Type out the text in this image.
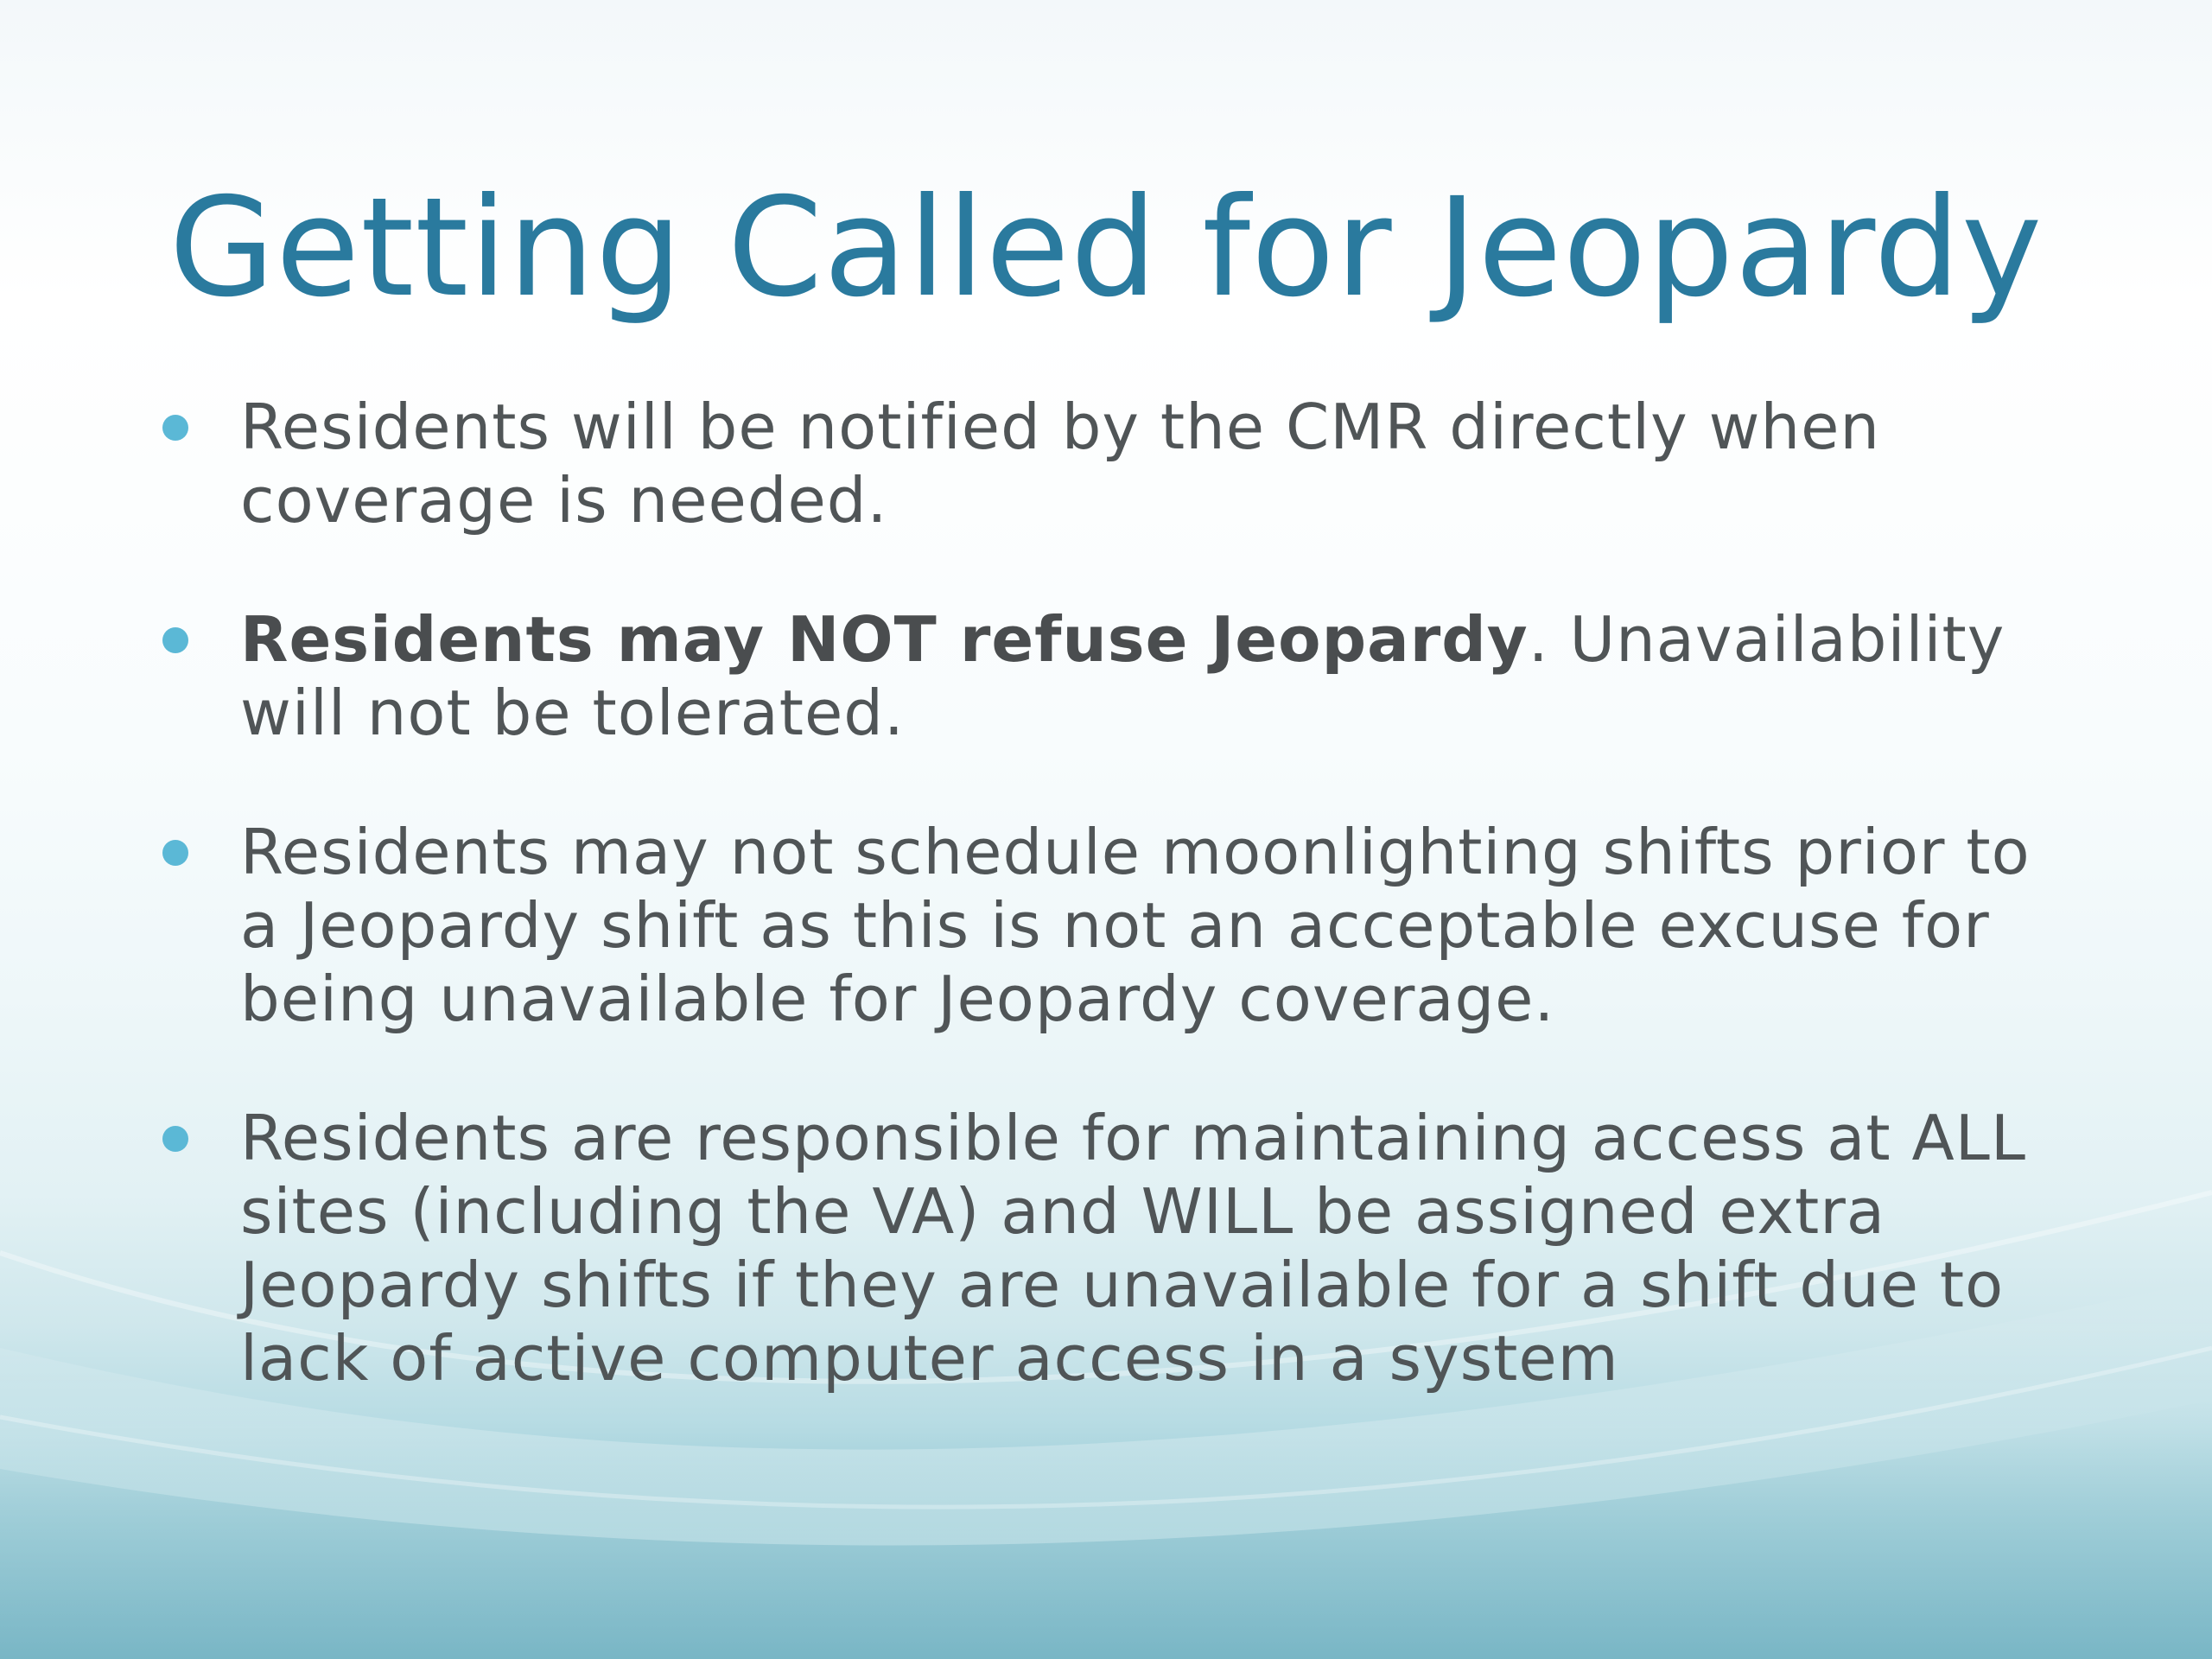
Getting Called for Jeopardy
Residents will be notified by the CMR directly when coverage is needed.
Residents may NOT refuse Jeopardy. Unavailability will not be tolerated.
Residents may not schedule moonlighting shifts prior to a Jeopardy shift as this is not an acceptable excuse for being unavailable for Jeopardy coverage.
Residents are responsible for maintaining access at ALL sites (including the VA) and WILL be assigned extra Jeopardy shifts if they are unavailable for a shift due to lack of active computer access in a system
